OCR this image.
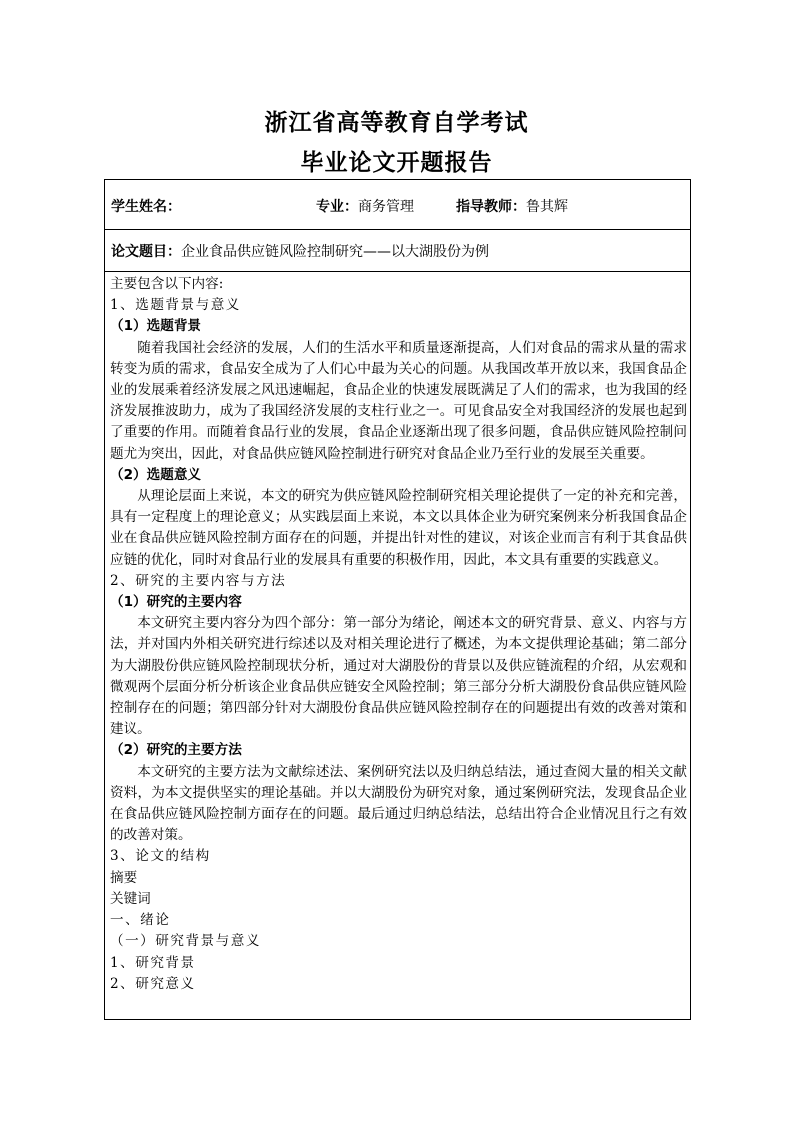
浙江省高等教育自学考试
毕业论文开题报告
学生姓名：	专业： 商务管理	指导教师： 鲁其辉
论文题目： 企业食品供应链风险控制研究——以大湖股份为例

主要包含以下内容:

1、选题背景与意义

（1）选题背景

随着我国社会经济的发展，人们的生活水平和质量逐渐提高，人们对食品的需求从量的需求转变为质的需求，食品安全成为了人们心中最为关心的问题。从我国改革开放以来，我国食品企业的发展乘着经济发展之风迅速崛起，食品企业的快速发展既满足了人们的需求，也为我国的经济发展推波助力，成为了我国经济发展的支柱行业之一。可见食品安全对我国经济的发展也起到了重要的作用。而随着食品行业的发展，食品企业逐渐出现了很多问题，食品供应链风险控制问题尤为突出，因此，对食品供应链风险控制进行研究对食品企业乃至行业的发展至关重要。

（2）选题意义

从理论层面上来说，本文的研究为供应链风险控制研究相关理论提供了一定的补充和完善，具有一定程度上的理论意义；从实践层面上来说，本文以具体企业为研究案例来分析我国食品企业在食品供应链风险控制方面存在的问题，并提出针对性的建议，对该企业而言有利于其食品供应链的优化，同时对食品行业的发展具有重要的积极作用，因此，本文具有重要的实践意义。

2、研究的主要内容与方法

（1）研究的主要内容

本文研究主要内容分为四个部分：第一部分为绪论，阐述本文的研究背景、意义、内容与方法，并对国内外相关研究进行综述以及对相关理论进行了概述，为本文提供理论基础；第二部分为大湖股份供应链风险控制现状分析，通过对大湖股份的背景以及供应链流程的介绍，从宏观和微观两个层面分析分析该企业食品供应链安全风险控制；第三部分分析大湖股份食品供应链风险控制存在的问题；第四部分针对大湖股份食品供应链风险控制存在的问题提出有效的改善对策和建议。

（2）研究的主要方法

本文研究的主要方法为文献综述法、案例研究法以及归纳总结法，通过查阅大量的相关文献资料，为本文提供坚实的理论基础。并以大湖股份为研究对象，通过案例研究法，发现食品企业在食品供应链风险控制方面存在的问题。最后通过归纳总结法，总结出符合企业情况且行之有效的改善对策。

3、论文的结构

摘要

关键词

一、绪论

（一）研究背景与意义

1、研究背景

2、研究意义
